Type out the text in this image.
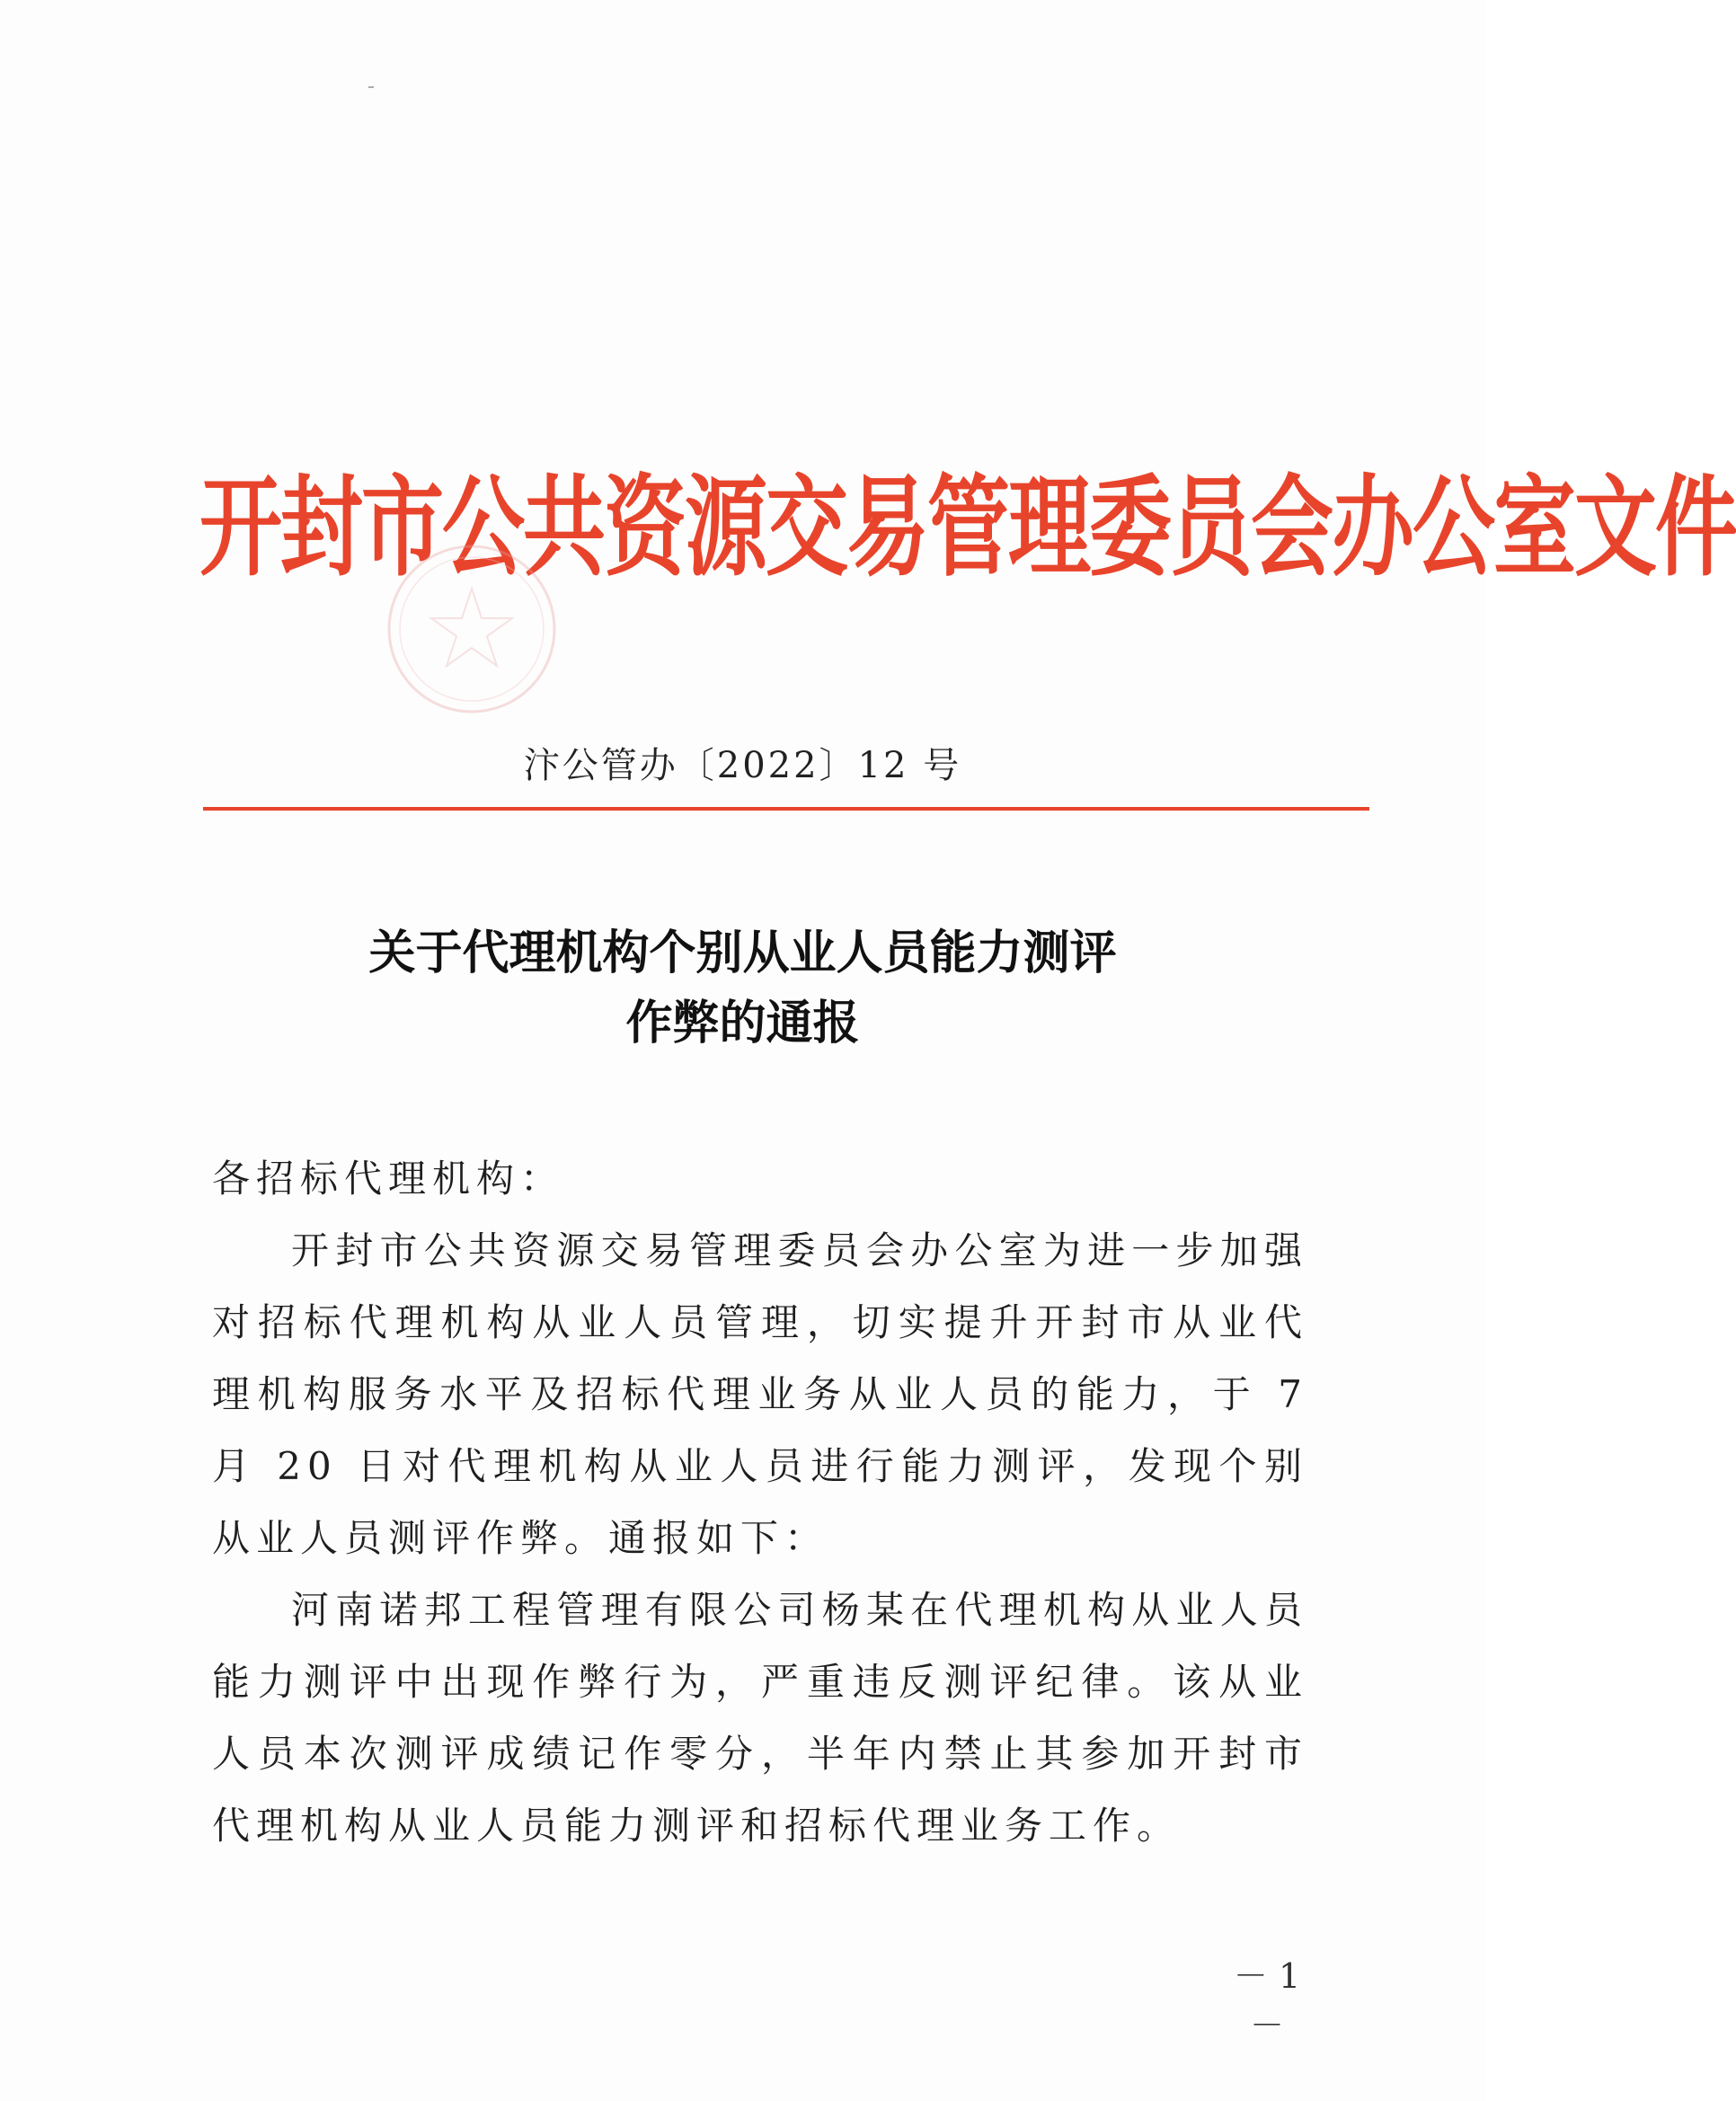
开封市公共资源交易管理委员会办公室文件
汴公管办〔2022〕12 号
关于代理机构个别从业人员能力测评
作弊的通报

各招标代理机构：

开封市公共资源交易管理委员会办公室为进一步加强对招标代理机构从业人员管理，切实提升开封市从业代理机构服务水平及招标代理业务从业人员的能力，于 7 月 20 日对代理机构从业人员进行能力测评，发现个别从业人员测评作弊。通报如下：

河南诺邦工程管理有限公司杨某在代理机构从业人员能力测评中出现作弊行为，严重违反测评纪律。该从业人员本次测评成绩记作零分，半年内禁止其参加开封市代理机构从业人员能力测评和招标代理业务工作。

－ 1 －
